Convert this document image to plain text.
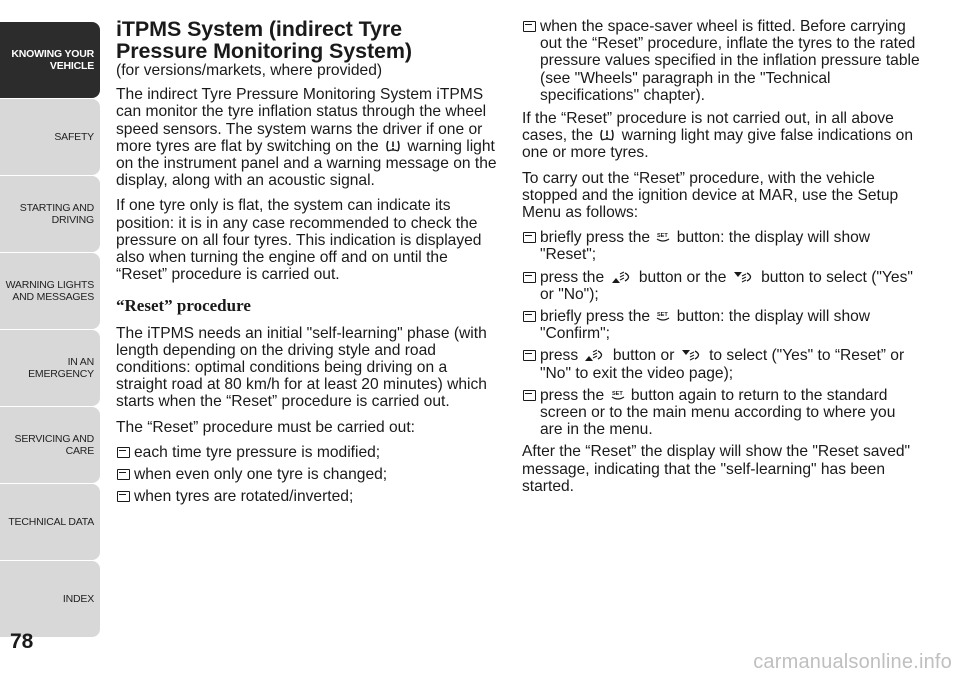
KNOWING YOUR
VEHICLE
SAFETY
STARTING AND
DRIVING
WARNING LIGHTS
AND MESSAGES
IN AN EMERGENCY
SERVICING AND
CARE
TECHNICAL DATA
INDEX
78
iTPMS System (indirect Tyre
Pressure Monitoring System)

(for versions/markets, where provided)

The indirect Tyre Pressure Monitoring System iTPMS can monitor the tyre inflation status through the wheel speed sensors. The system warns the driver if one or more tyres are flat by switching on the warning light on the instrument panel and a warning message on the display, along with an acoustic signal.

If one tyre only is flat, the system can indicate its position: it is in any case recommended to check the pressure on all four tyres. This indication is displayed also when turning the engine off and on until the “Reset” procedure is carried out.

“Reset” procedure

The iTPMS needs an initial "self-learning" phase (with length depending on the driving style and road conditions: optimal conditions being driving on a straight road at 80 km/h for at least 20 minutes) which starts when the “Reset” procedure is carried out.

The “Reset” procedure must be carried out:

each time tyre pressure is modified;
when even only one tyre is changed;
when tyres are rotated/inverted;
when the space-saver wheel is fitted. Before carrying out the “Reset” procedure, inflate the tyres to the rated pressure values specified in the inflation pressure table (see "Wheels" paragraph in the "Technical specifications" chapter).

If the “Reset” procedure is not carried out, in all above cases, the warning light may give false indications on one or more tyres.

To carry out the “Reset” procedure, with the vehicle stopped and the ignition device at MAR, use the Setup Menu as follows:

briefly press the SET button: the display will show "Reset";
press the button or the button to select ("Yes" or "No");
briefly press the SET button: the display will show "Confirm";
press button or to select ("Yes" to “Reset” or "No" to exit the video page);
press the SET button again to return to the standard screen or to the main menu according to where you are in the menu.

After the “Reset” the display will show the "Reset saved" message, indicating that the "self-learning" has been started.

carmanualsonline.info
